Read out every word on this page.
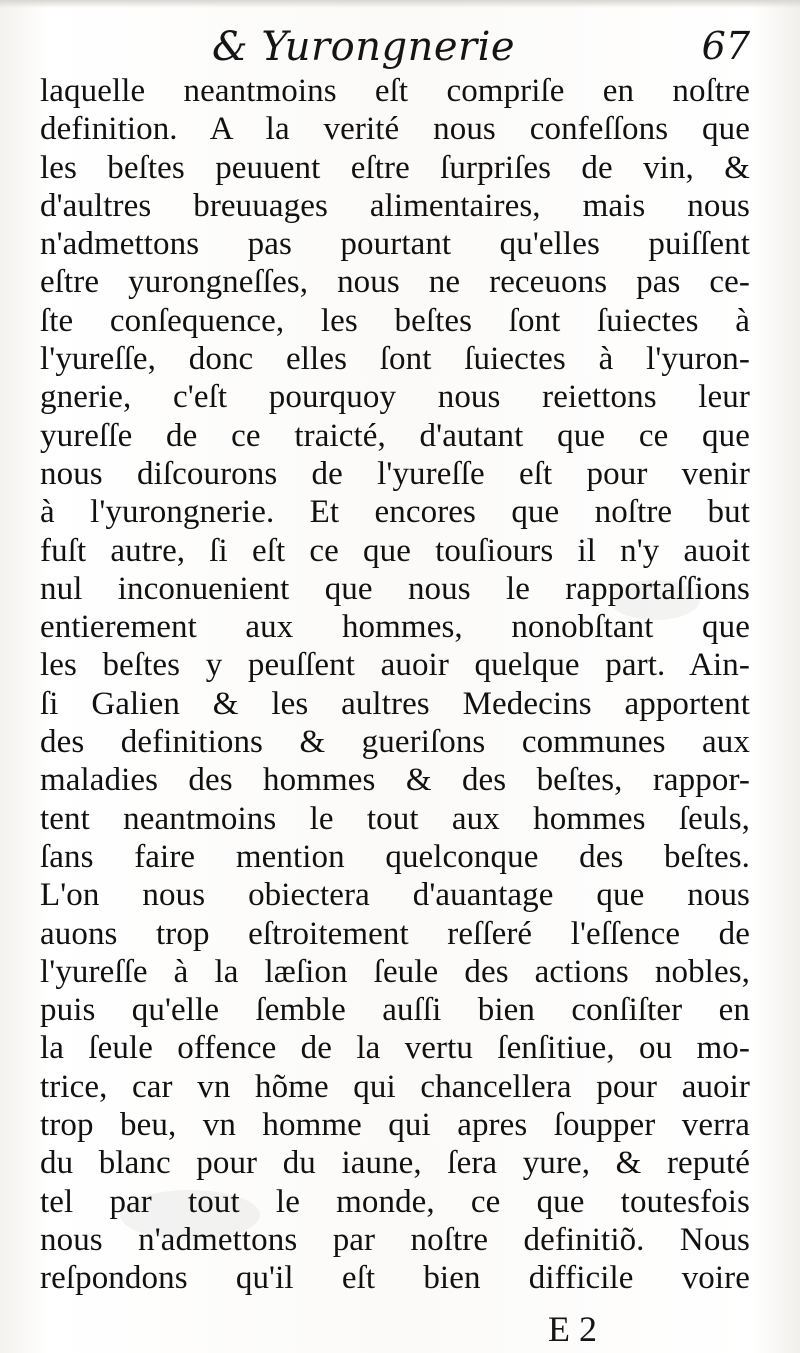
& Yurongnerie	67
laquelle neantmoins eſt compriſe en noſtre
definition. A la verité nous confeſſons que
les beſtes peuuent eſtre ſurpriſes de vin, &
d'aultres breuuages alimentaires, mais nous
n'admettons pas pourtant qu'elles puiſſent
eſtre yurongneſſes, nous ne receuons pas ce-
ſte conſequence, les beſtes ſont ſuiectes à
l'yureſſe, donc elles ſont ſuiectes à l'yuron-
gnerie, c'eſt pourquoy nous reiettons leur
yureſſe de ce traicté, d'autant que ce que
nous diſcourons de l'yureſſe eſt pour venir
à l'yurongnerie. Et encores que noſtre but
fuſt autre, ſi eſt ce que touſiours il n'y auoit
nul inconuenient que nous le rapportaſſions
entierement aux hommes, nonobſtant que
les beſtes y peuſſent auoir quelque part. Ain-
ſi Galien & les aultres Medecins apportent
des definitions & gueriſons communes aux
maladies des hommes & des beſtes, rappor-
tent neantmoins le tout aux hommes ſeuls,
ſans faire mention quelconque des beſtes.
L'on nous obiectera d'auantage que nous
auons trop eſtroitement reſſeré l'eſſence de
l'yureſſe à la læſion ſeule des actions nobles,
puis qu'elle ſemble auſſi bien conſiſter en
la ſeule offence de la vertu ſenſitiue, ou mo-
trice, car vn hõme qui chancellera pour auoir
trop beu, vn homme qui apres ſoupper verra
du blanc pour du iaune, ſera yure, & reputé
tel par tout le monde, ce que toutesfois
nous n'admettons par noſtre definitiõ. Nous
reſpondons qu'il eſt bien difficile voire
E 2
